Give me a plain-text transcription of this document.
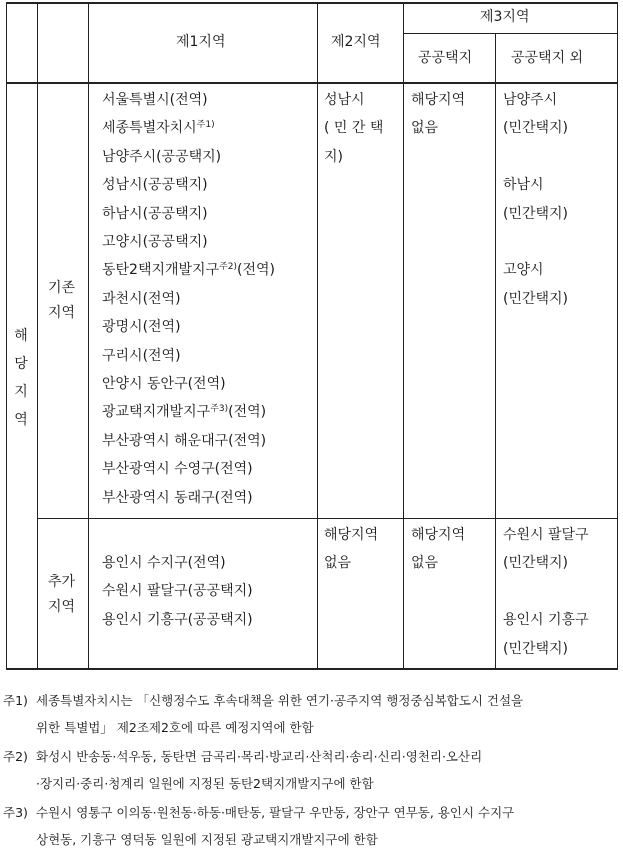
제1지역	제2지역
제3지역
공공택지	공공택지 외
해
당
지
역
기존
지역
서울특별시(전역)
세종특별자치시$^{주1)}$
남양주시(공공택지)
성남시(공공택지)
하남시(공공택지)
고양시(공공택지)
동탄2택지개발지구$^{주2)}$(전역)
과천시(전역)
광명시(전역)
구리시(전역)
안양시 동안구(전역)
광교택지개발지구$^{주3)}$(전역)
부산광역시 해운대구(전역)
부산광역시 수영구(전역)
부산광역시 동래구(전역)
성남시
( 민 간 택
지)
해당지역
없음
남양주시
(민간택지)

하남시
(민간택지)

고양시
(민간택지)
추가
지역
용인시 수지구(전역)
수원시 팔달구(공공택지)
용인시 기흥구(공공택지)
해당지역
없음
해당지역
없음
수원시 팔달구
(민간택지)

용인시 기흥구
(민간택지)
주1) 세종특별자치시는 「신행정수도 후속대책을 위한 연기·공주지역 행정중심복합도시 건설을
위한 특별법」 제2조제2호에 따른 예정지역에 한함
주2) 화성시 반송동·석우동, 동탄면 금곡리·목리·방교리·산척리·송리·신리·영천리·오산리
·장지리·중리·청계리 일원에 지정된 동탄2택지개발지구에 한함
주3) 수원시 영통구 이의동·원천동·하동·매탄동, 팔달구 우만동, 장안구 연무동, 용인시 수지구
상현동, 기흥구 영덕동 일원에 지정된 광교택지개발지구에 한함
